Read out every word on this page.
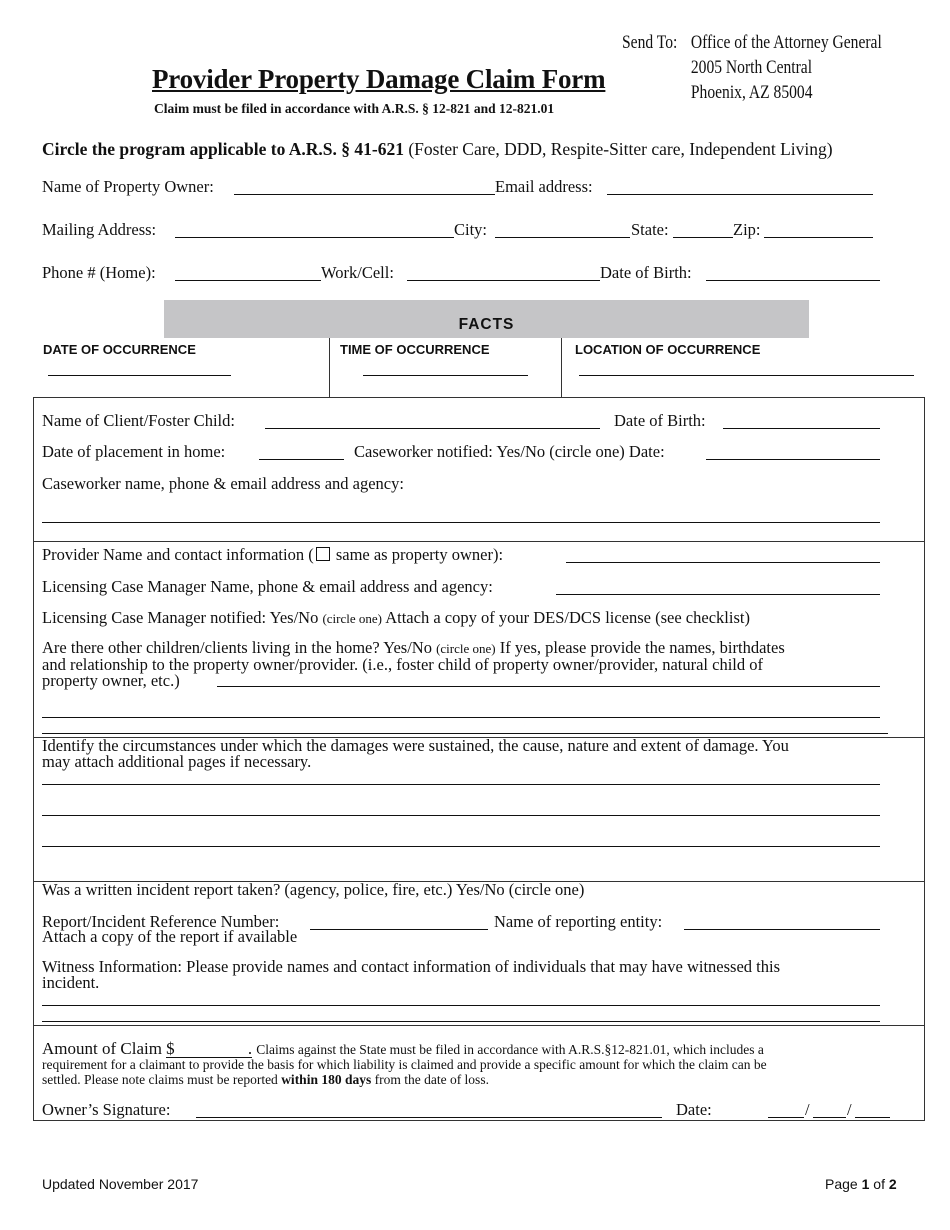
Provider Property Damage Claim Form
Claim must be filed in accordance with A.R.S. § 12-821 and 12-821.01
Send To: Office of the Attorney General
2005 North Central
Phoenix, AZ 85004
Circle the program applicable to A.R.S. § 41-621 (Foster Care, DDD, Respite-Sitter care, Independent Living)
Name of Property Owner:	Email address:
Mailing Address:	City:	State:	Zip:
Phone # (Home):	Work/Cell:	Date of Birth:
FACTS
DATE OF OCCURRENCE	TIME OF OCCURRENCE	LOCATION OF OCCURRENCE
Name of Client/Foster Child:	Date of Birth:
Date of placement in home:	Caseworker notified: Yes/No (circle one) Date:
Caseworker name, phone & email address and agency:
Provider Name and contact information ( same as property owner):
Licensing Case Manager Name, phone & email address and agency:
Licensing Case Manager notified: Yes/No (circle one) Attach a copy of your DES/DCS license (see checklist)
Are there other children/clients living in the home? Yes/No (circle one) If yes, please provide the names, birthdates
and relationship to the property owner/provider. (i.e., foster child of property owner/provider, natural child of
property owner, etc.)
Identify the circumstances under which the damages were sustained, the cause, nature and extent of damage. You
may attach additional pages if necessary.
Was a written incident report taken? (agency, police, fire, etc.) Yes/No (circle one)
Report/Incident Reference Number:	Name of reporting entity:
Attach a copy of the report if available
Witness Information: Please provide names and contact information of individuals that may have witnessed this
incident.
Amount of Claim $	. Claims against the State must be filed in accordance with A.R.S.§12-821.01, which includes a
requirement for a claimant to provide the basis for which liability is claimed and provide a specific amount for which the claim can be
settled. Please note claims must be reported within 180 days from the date of loss.
Owner’s Signature:	Date:	/ /
Updated November 2017	Page 1 of 2
